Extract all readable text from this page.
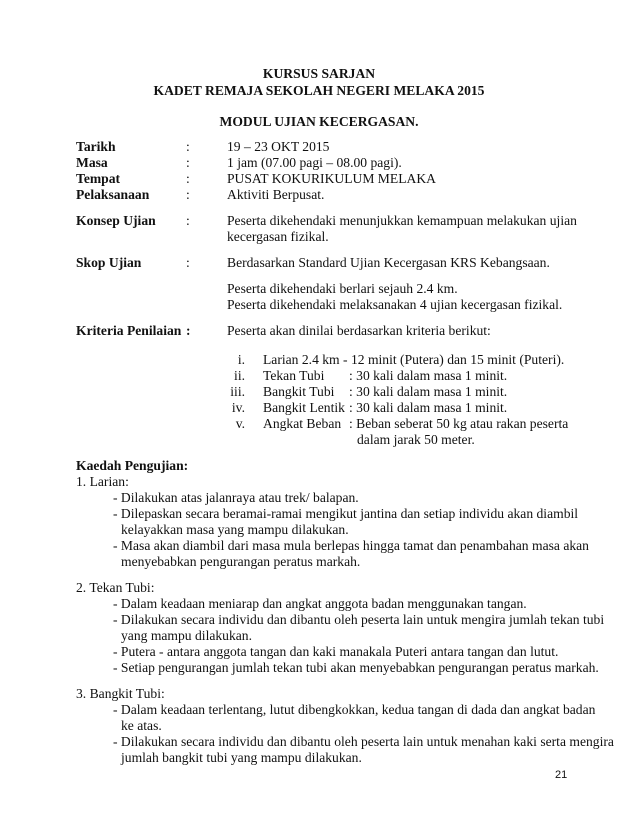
KURSUS SARJAN
KADET REMAJA SEKOLAH NEGERI MELAKA 2015
MODUL UJIAN KECERGASAN.
Tarikh	:	19 – 23 OKT 2015
Masa	:	1 jam (07.00 pagi – 08.00 pagi).
Tempat	:	PUSAT KOKURIKULUM MELAKA
Pelaksanaan	:	Aktiviti Berpusat.
Konsep Ujian :	Peserta dikehendaki menunjukkan kemampuan melakukan ujian
kecergasan fizikal.
Skop Ujian	:	Berdasarkan Standard Ujian Kecergasan KRS Kebangsaan.
Peserta dikehendaki berlari sejauh 2.4 km.
Peserta dikehendaki melaksanakan 4 ujian kecergasan fizikal.
Kriteria Penilaian :	Peserta akan dinilai berdasarkan kriteria berikut:
i. Larian 2.4 km - 12 minit (Putera) dan 15 minit (Puteri).
ii. Tekan Tubi : 30 kali dalam masa 1 minit.
iii. Bangkit Tubi : 30 kali dalam masa 1 minit.
iv. Bangkit Lentik : 30 kali dalam masa 1 minit.
v. Angkat Beban : Beban seberat 50 kg atau rakan peserta
dalam jarak 50 meter.
Kaedah Pengujian:
1. Larian:
- Dilakukan atas jalanraya atau trek/ balapan.
- Dilepaskan secara beramai-ramai mengikut jantina dan setiap individu akan diambil
kelayakkan masa yang mampu dilakukan.
- Masa akan diambil dari masa mula berlepas hingga tamat dan penambahan masa akan
menyebabkan pengurangan peratus markah.
2. Tekan Tubi:
- Dalam keadaan meniarap dan angkat anggota badan menggunakan tangan.
- Dilakukan secara individu dan dibantu oleh peserta lain untuk mengira jumlah tekan tubi
yang mampu dilakukan.
- Putera - antara anggota tangan dan kaki manakala Puteri antara tangan dan lutut.
- Setiap pengurangan jumlah tekan tubi akan menyebabkan pengurangan peratus markah.
3. Bangkit Tubi:
- Dalam keadaan terlentang, lutut dibengkokkan, kedua tangan di dada dan angkat badan
ke atas.
- Dilakukan secara individu dan dibantu oleh peserta lain untuk menahan kaki serta mengira
jumlah bangkit tubi yang mampu dilakukan.
21
